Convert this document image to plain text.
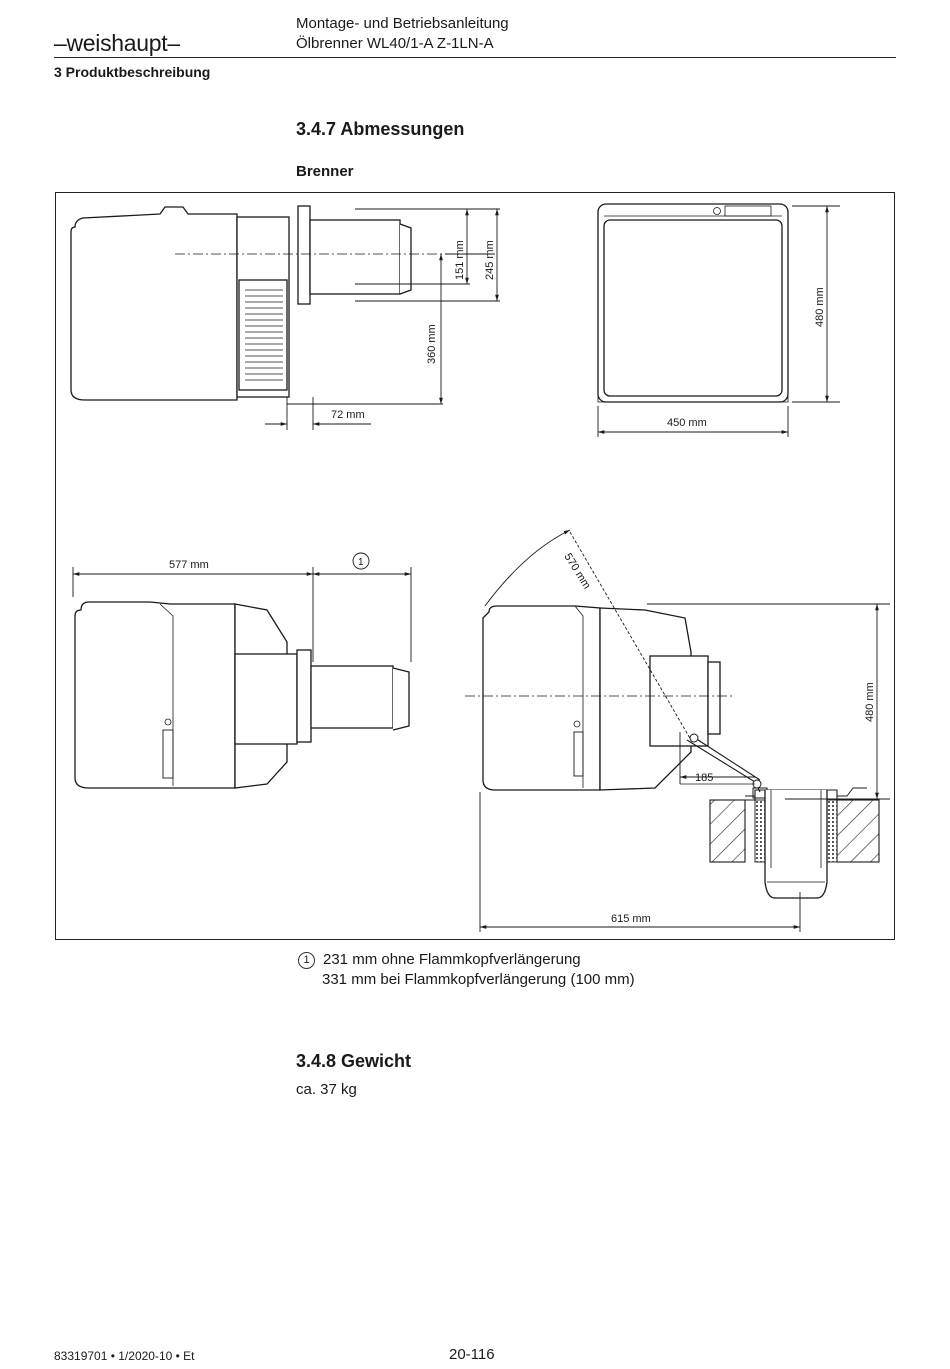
–weishaupt–
Montage- und Betriebsanleitung
Ölbrenner WL40/1-A Z-1LN-A
3 Produktbeschreibung
3.4.7 Abmessungen
Brenner
360 mm
151 mm 245 mm
72 mm
480 mm
450 mm
577 mm	1	570 mm
480 mm
185
615 mm
1 231 mm ohne Flammkopfverlängerung
331 mm bei Flammkopfverlängerung (100 mm)
3.4.8 Gewicht
ca. 37 kg
83319701 • 1/2020-10 • Et	20-116
